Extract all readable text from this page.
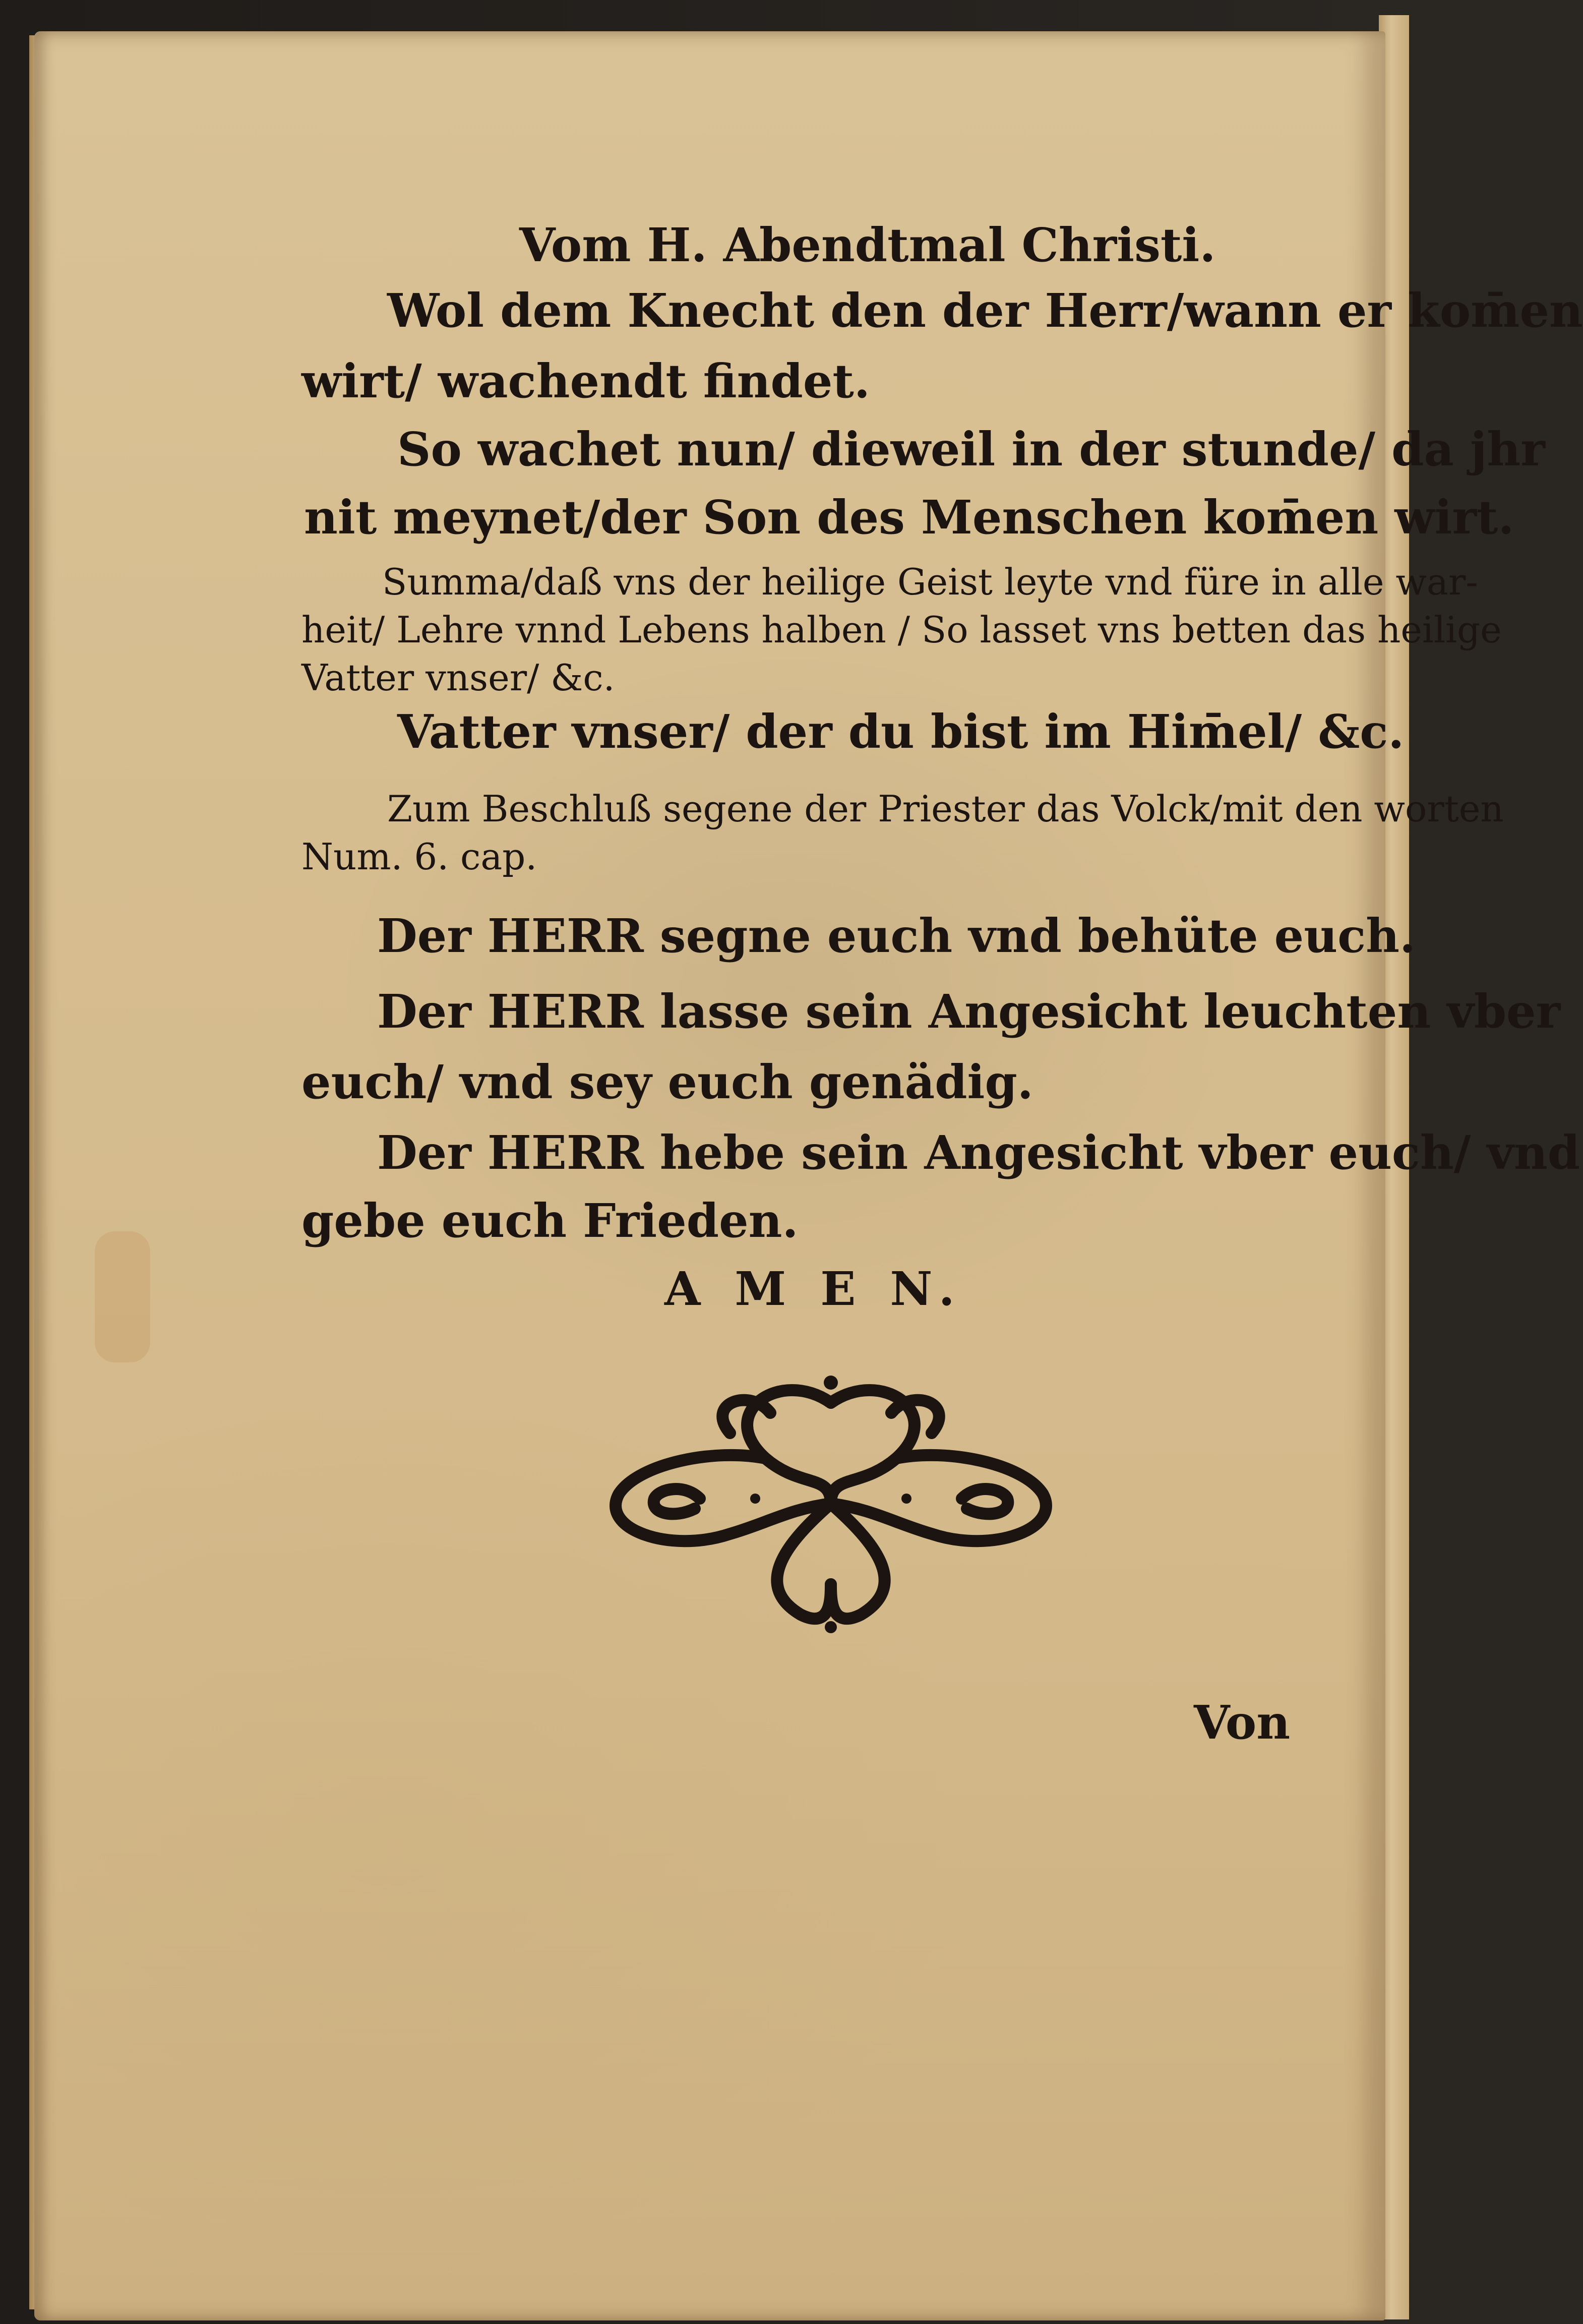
Vom H. Abendtmal Christi.

Wol dem Knecht den der Herr/wann er kom̄en

wirt/ wachendt findet.

So wachet nun/ dieweil in der stunde/ da jhr

nit meynet/der Son des Menschen kom̄en wirt.

Summa/daß vns der heilige Geist leyte vnd füre in alle war-

heit/ Lehre vnnd Lebens halben / So lasset vns betten das heilige

Vatter vnser/ &c.

Vatter vnser/ der du bist im Him̄el/ &c.

Zum Beschluß segene der Priester das Volck/mit den worten

Num. 6. cap.

Der HERR segne euch vnd behüte euch.

Der HERR lasse sein Angesicht leuchten vber

euch/ vnd sey euch genädig.

Der HERR hebe sein Angesicht vber euch/ vnd

gebe euch Frieden.

A M E N.

Von
